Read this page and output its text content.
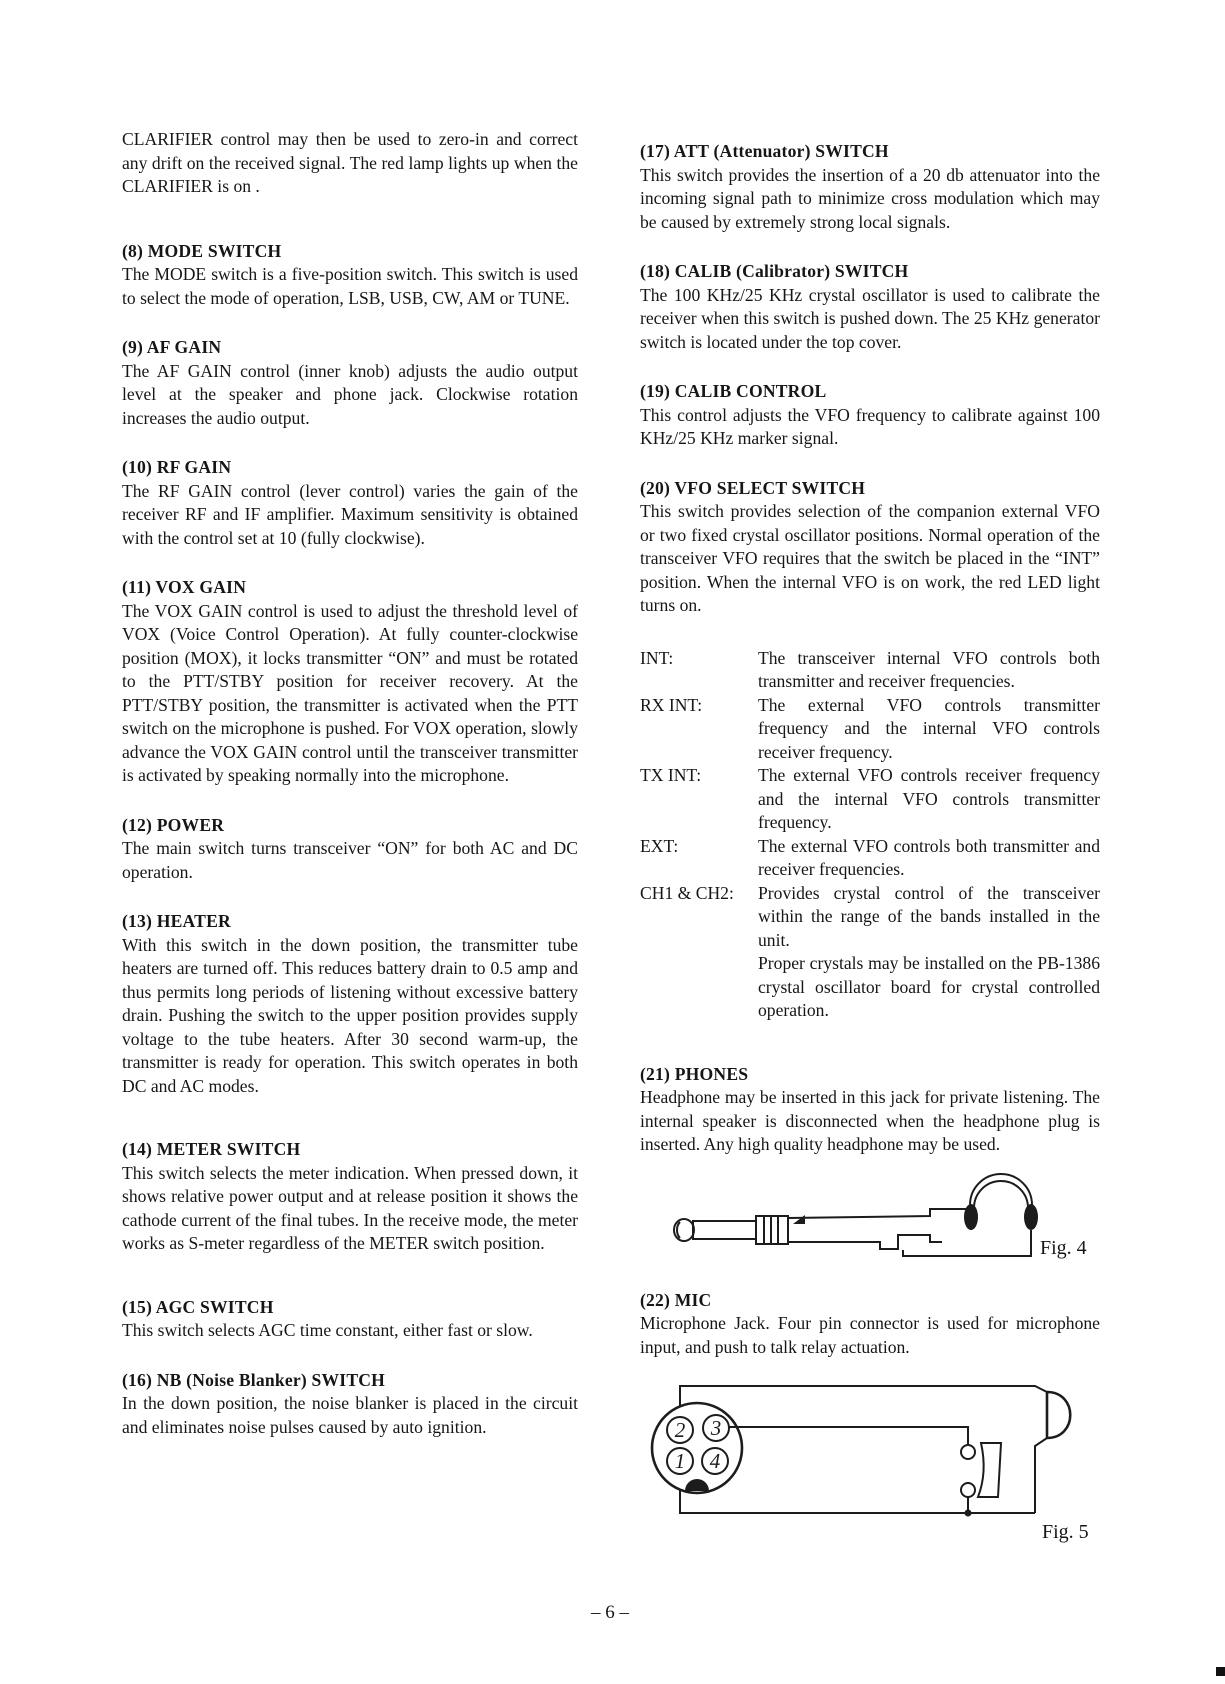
CLARIFIER control may then be used to zero-in and correct any drift on the received signal. The red lamp lights up when the CLARIFIER is on .

(8) MODE SWITCH

The MODE switch is a five-position switch. This switch is used to select the mode of operation, LSB, USB, CW, AM or TUNE.

(9) AF GAIN

The AF GAIN control (inner knob) adjusts the audio output level at the speaker and phone jack. Clockwise rotation increases the audio output.

(10) RF GAIN

The RF GAIN control (lever control) varies the gain of the receiver RF and IF amplifier. Maximum sensitivity is obtained with the control set at 10 (fully clockwise).

(11) VOX GAIN

The VOX GAIN control is used to adjust the threshold level of VOX (Voice Control Operation). At fully counter-clockwise position (MOX), it locks transmitter “ON” and must be rotated to the PTT/STBY position for receiver recovery. At the PTT/STBY position, the transmitter is activated when the PTT switch on the microphone is pushed. For VOX operation, slowly advance the VOX GAIN control until the transceiver transmitter is activated by speaking normally into the microphone.

(12) POWER

The main switch turns transceiver “ON” for both AC and DC operation.

(13) HEATER

With this switch in the down position, the transmitter tube heaters are turned off. This reduces battery drain to 0.5 amp and thus permits long periods of listening without excessive battery drain. Pushing the switch to the upper position provides supply voltage to the tube heaters. After 30 second warm-up, the transmitter is ready for operation. This switch operates in both DC and AC modes.

(14) METER SWITCH

This switch selects the meter indication. When pressed down, it shows relative power output and at release position it shows the cathode current of the final tubes. In the receive mode, the meter works as S-meter regardless of the METER switch position.

(15) AGC SWITCH

This switch selects AGC time constant, either fast or slow.

(16) NB (Noise Blanker) SWITCH

In the down position, the noise blanker is placed in the circuit and eliminates noise pulses caused by auto ignition.

(17) ATT (Attenuator) SWITCH

This switch provides the insertion of a 20 db attenuator into the incoming signal path to minimize cross modulation which may be caused by extremely strong local signals.

(18) CALIB (Calibrator) SWITCH

The 100 KHz/25 KHz crystal oscillator is used to calibrate the receiver when this switch is pushed down. The 25 KHz generator switch is located under the top cover.

(19) CALIB CONTROL

This control adjusts the VFO frequency to calibrate against 100 KHz/25 KHz marker signal.

(20) VFO SELECT SWITCH

This switch provides selection of the companion external VFO or two fixed crystal oscillator positions. Normal operation of the transceiver VFO requires that the switch be placed in the “INT” position. When the internal VFO is on work, the red LED light turns on.

INT:	The transceiver internal VFO controls both transmitter and receiver frequencies.

RX INT:	The external VFO controls transmitter frequency and the internal VFO controls receiver frequency.

TX INT:	The external VFO controls receiver frequency and the internal VFO controls transmitter frequency.

EXT:	The external VFO controls both transmitter and receiver frequencies.

CH1 & CH2:	Provides crystal control of the transceiver within the range of the bands installed in the unit.

Proper crystals may be installed on the PB-1386 crystal oscillator board for crystal controlled operation.

(21) PHONES

Headphone may be inserted in this jack for private listening. The internal speaker is disconnected when the headphone plug is inserted. Any high quality headphone may be used.

Fig. 4
(22) MIC

Microphone Jack. Four pin connector is used for microphone input, and push to talk relay actuation.

2 3
1 4
Fig. 5
– 6 –
